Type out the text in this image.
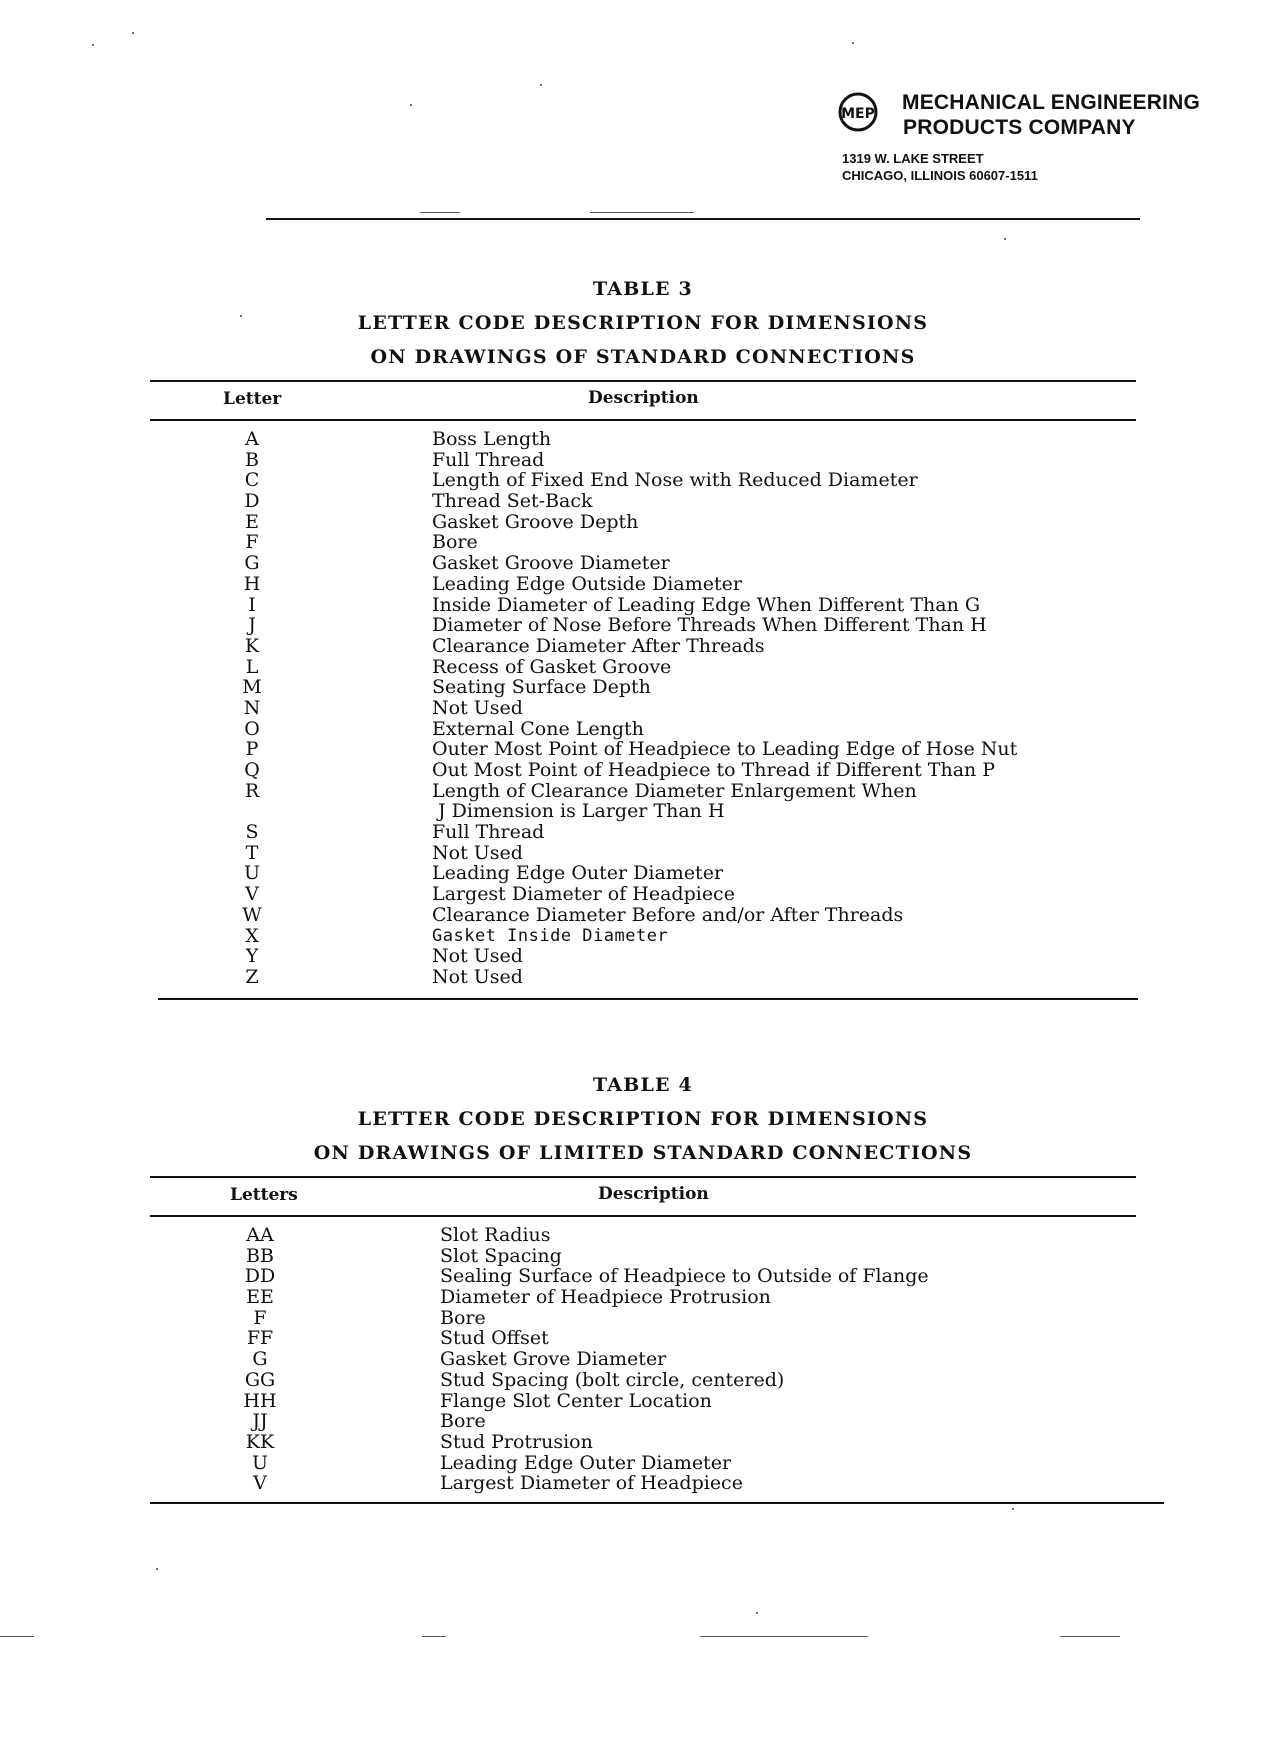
MEP MECHANICAL ENGINEERING
PRODUCTS COMPANY
1319 W. LAKE STREET
CHICAGO, ILLINOIS 60607-1511
TABLE 3
LETTER CODE DESCRIPTION FOR DIMENSIONS
ON DRAWINGS OF STANDARD CONNECTIONS
Letter	Description
A	Boss Length
B	Full Thread
C	Length of Fixed End Nose with Reduced Diameter
D	Thread Set-Back
E	Gasket Groove Depth
F	Bore
G	Gasket Groove Diameter
H	Leading Edge Outside Diameter
I	Inside Diameter of Leading Edge When Different Than G
J	Diameter of Nose Before Threads When Different Than H
K	Clearance Diameter After Threads
L	Recess of Gasket Groove
M	Seating Surface Depth
N	Not Used
O	External Cone Length
P	Outer Most Point of Headpiece to Leading Edge of Hose Nut
Q	Out Most Point of Headpiece to Thread if Different Than P
R	Length of Clearance Diameter Enlargement When
J Dimension is Larger Than H
S	Full Thread
T	Not Used
U	Leading Edge Outer Diameter
V	Largest Diameter of Headpiece
W	Clearance Diameter Before and/or After Threads
X	Gasket Inside Diameter
Y	Not Used
Z	Not Used
TABLE 4
LETTER CODE DESCRIPTION FOR DIMENSIONS
ON DRAWINGS OF LIMITED STANDARD CONNECTIONS
Letters	Description
AA	Slot Radius
BB	Slot Spacing
DD	Sealing Surface of Headpiece to Outside of Flange
EE	Diameter of Headpiece Protrusion
F	Bore
FF	Stud Offset
G	Gasket Grove Diameter
GG	Stud Spacing (bolt circle, centered)
HH	Flange Slot Center Location
JJ	Bore
KK	Stud Protrusion
U	Leading Edge Outer Diameter
V	Largest Diameter of Headpiece
